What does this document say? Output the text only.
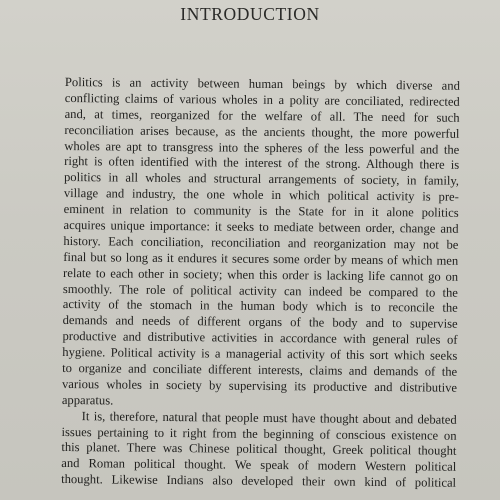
INTRODUCTION
Politics is an activity between human beings by which diverse and
conflicting claims of various wholes in a polity are conciliated, redirected
and, at times, reorganized for the welfare of all. The need for such
reconciliation arises because, as the ancients thought, the more powerful
wholes are apt to transgress into the spheres of the less powerful and the
right is often identified with the interest of the strong. Although there is
politics in all wholes and structural arrangements of society, in family,
village and industry, the one whole in which political activity is pre-
eminent in relation to community is the State for in it alone politics
acquires unique importance: it seeks to mediate between order, change and
history. Each conciliation, reconciliation and reorganization may not be
final but so long as it endures it secures some order by means of which men
relate to each other in society; when this order is lacking life cannot go on
smoothly. The role of political activity can indeed be compared to the
activity of the stomach in the human body which is to reconcile the
demands and needs of different organs of the body and to supervise
productive and distributive activities in accordance with general rules of
hygiene. Political activity is a managerial activity of this sort which seeks
to organize and conciliate different interests, claims and demands of the
various wholes in society by supervising its productive and distributive
apparatus.
It is, therefore, natural that people must have thought about and debated
issues pertaining to it right from the beginning of conscious existence on
this planet. There was Chinese political thought, Greek political thought
and Roman political thought. We speak of modern Western political
thought. Likewise Indians also developed their own kind of political
